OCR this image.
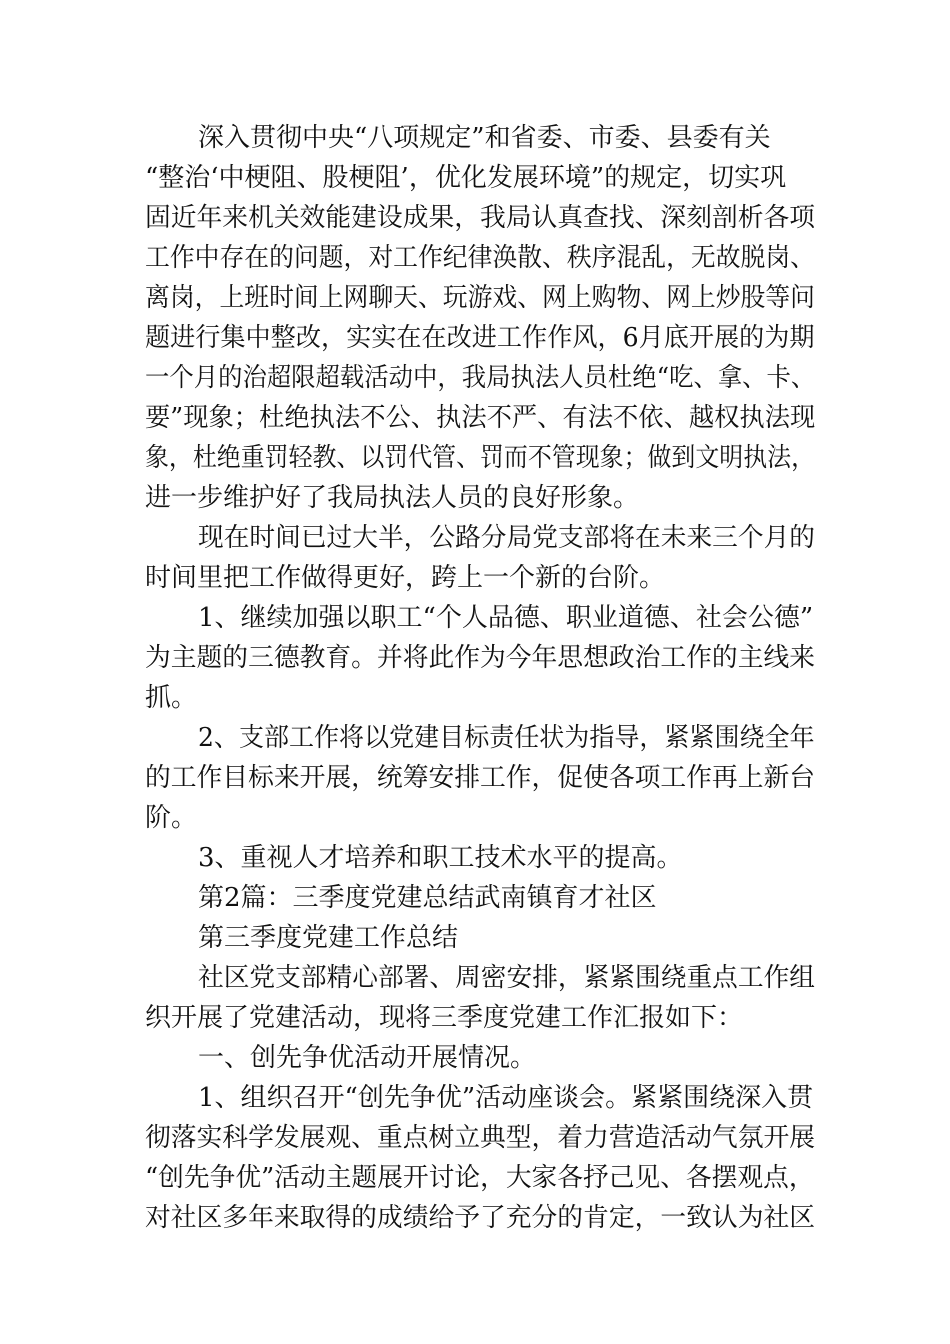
深入贯彻中央“八项规定”和省委、市委、县委有关
“整治‘中梗阻、股梗阻’，优化发展环境”的规定，切实巩
固近年来机关效能建设成果，我局认真查找、深刻剖析各项
工作中存在的问题，对工作纪律涣散、秩序混乱，无故脱岗、
离岗，上班时间上网聊天、玩游戏、网上购物、网上炒股等问
题进行集中整改，实实在在改进工作作风，6月底开展的为期
一个月的治超限超载活动中，我局执法人员杜绝“吃、拿、卡、
要”现象；杜绝执法不公、执法不严、有法不依、越权执法现
象，杜绝重罚轻教、以罚代管、罚而不管现象；做到文明执法，
进一步维护好了我局执法人员的良好形象。
现在时间已过大半，公路分局党支部将在未来三个月的
时间里把工作做得更好，跨上一个新的台阶。
1、继续加强以职工“个人品德、职业道德、社会公德”
为主题的三德教育。并将此作为今年思想政治工作的主线来
抓。
2、支部工作将以党建目标责任状为指导，紧紧围绕全年
的工作目标来开展，统筹安排工作，促使各项工作再上新台
阶。
3、重视人才培养和职工技术水平的提高。
第2篇：三季度党建总结武南镇育才社区
第三季度党建工作总结
社区党支部精心部署、周密安排，紧紧围绕重点工作组
织开展了党建活动，现将三季度党建工作汇报如下：
一、创先争优活动开展情况。
1、组织召开“创先争优”活动座谈会。紧紧围绕深入贯
彻落实科学发展观、重点树立典型，着力营造活动气氛开展
“创先争优”活动主题展开讨论，大家各抒己见、各摆观点，
对社区多年来取得的成绩给予了充分的肯定，一致认为社区
